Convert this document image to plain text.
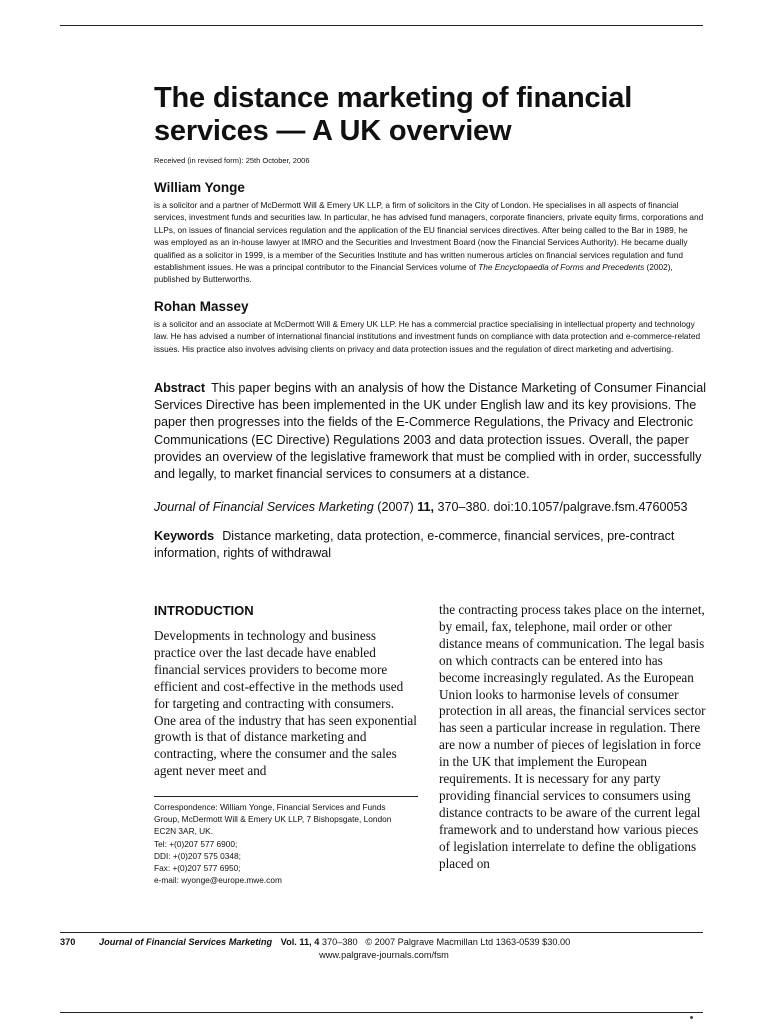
The distance marketing of financial services — A UK overview
Received (in revised form): 25th October, 2006
William Yonge

is a solicitor and a partner of McDermott Will & Emery UK LLP, a firm of solicitors in the City of London. He specialises in all aspects of financial services, investment funds and securities law. In particular, he has advised fund managers, corporate financiers, private equity firms, corporations and LLPs, on issues of financial services regulation and the application of the EU financial services directives. After being called to the Bar in 1989, he was employed as an in-house lawyer at IMRO and the Securities and Investment Board (now the Financial Services Authority). He became dually qualified as a solicitor in 1999, is a member of the Securities Institute and has written numerous articles on financial services regulation and fund establishment issues. He was a principal contributor to the Financial Services volume of The Encyclopaedia of Forms and Precedents (2002), published by Butterworths.

Rohan Massey

is a solicitor and an associate at McDermott Will & Emery UK LLP. He has a commercial practice specialising in intellectual property and technology law. He has advised a number of international financial institutions and investment funds on compliance with data protection and e-commerce-related issues. His practice also involves advising clients on privacy and data protection issues and the regulation of direct marketing and advertising.

Abstract This paper begins with an analysis of how the Distance Marketing of Consumer Financial Services Directive has been implemented in the UK under English law and its key provisions. The paper then progresses into the fields of the E-Commerce Regulations, the Privacy and Electronic Communications (EC Directive) Regulations 2003 and data protection issues. Overall, the paper provides an overview of the legislative framework that must be complied with in order, successfully and legally, to market financial services to consumers at a distance.

Journal of Financial Services Marketing (2007) 11, 370–380. doi:10.1057/palgrave.fsm.4760053

Keywords Distance marketing, data protection, e-commerce, financial services, pre-contract information, rights of withdrawal

INTRODUCTION

Developments in technology and business practice over the last decade have enabled financial services providers to become more efficient and cost-effective in the methods used for targeting and contracting with consumers. One area of the industry that has seen exponential growth is that of distance marketing and contracting, where the consumer and the sales agent never meet and

the contracting process takes place on the internet, by email, fax, telephone, mail order or other distance means of communication. The legal basis on which contracts can be entered into has become increasingly regulated. As the European Union looks to harmonise levels of consumer protection in all areas, the financial services sector has seen a particular increase in regulation. There are now a number of pieces of legislation in force in the UK that implement the European requirements. It is necessary for any party providing financial services to consumers using distance contracts to be aware of the current legal framework and to understand how various pieces of legislation interrelate to define the obligations placed on

Correspondence: William Yonge, Financial Services and Funds
Group, McDermott Will & Emery UK LLP, 7 Bishopsgate, London
EC2N 3AR, UK.
Tel: +(0)207 577 6900;
DDI: +(0)207 575 0348;
Fax: +(0)207 577 6950;
e-mail: wyonge@europe.mwe.com
370	Journal of Financial Services Marketing Vol. 11, 4 370–380 © 2007 Palgrave Macmillan Ltd 1363-0539 $30.00
www.palgrave-journals.com/fsm
